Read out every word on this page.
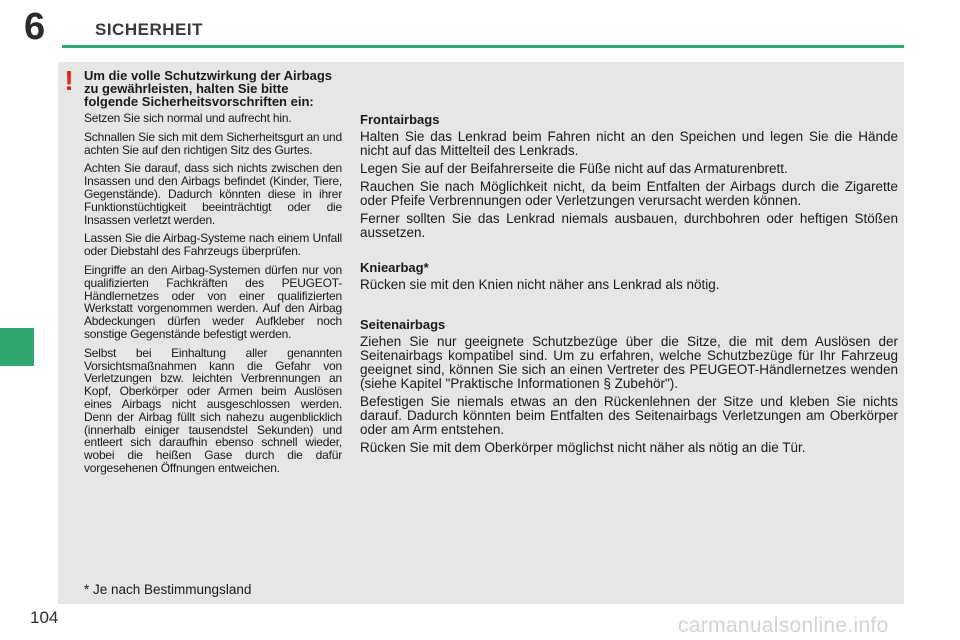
6	SICHERHEIT
! Um die volle Schutzwirkung der Airbags zu gewährleisten, halten Sie bitte folgende Sicherheitsvorschriften ein:

Setzen Sie sich normal und aufrecht hin.

Schnallen Sie sich mit dem Sicherheitsgurt an und achten Sie auf den richtigen Sitz des Gurtes.

Achten Sie darauf, dass sich nichts zwischen den Insassen und den Airbags befindet (Kinder, Tiere, Gegenstände). Dadurch könnten diese in ihrer Funktionstüchtigkeit beeinträchtigt oder die Insassen verletzt werden.

Lassen Sie die Airbag-Systeme nach einem Unfall oder Diebstahl des Fahrzeugs überprüfen.

Eingriffe an den Airbag-Systemen dürfen nur von qualifizierten Fachkräften des PEUGEOT-Händlernetzes oder von einer qualifizierten Werkstatt vorgenommen werden. Auf den Airbag Abdeckungen dürfen weder Aufkleber noch sonstige Gegenstände befestigt werden.

Selbst bei Einhaltung aller genannten Vorsichtsmaßnahmen kann die Gefahr von Verletzungen bzw. leichten Verbrennungen an Kopf, Oberkörper oder Armen beim Auslösen eines Airbags nicht ausgeschlossen werden. Denn der Airbag füllt sich nahezu augenblicklich (innerhalb einiger tausendstel Sekunden) und entleert sich daraufhin ebenso schnell wieder, wobei die heißen Gase durch die dafür vorgesehenen Öffnungen entweichen.

Frontairbags

Halten Sie das Lenkrad beim Fahren nicht an den Speichen und legen Sie die Hände nicht auf das Mittelteil des Lenkrads.

Legen Sie auf der Beifahrerseite die Füße nicht auf das Armaturenbrett.

Rauchen Sie nach Möglichkeit nicht, da beim Entfalten der Airbags durch die Zigarette oder Pfeife Verbrennungen oder Verletzungen verursacht werden können.

Ferner sollten Sie das Lenkrad niemals ausbauen, durchbohren oder heftigen Stößen aussetzen.

Kniearbag*

Rücken sie mit den Knien nicht näher ans Lenkrad als nötig.

Seitenairbags

Ziehen Sie nur geeignete Schutzbezüge über die Sitze, die mit dem Auslösen der Seitenairbags kompatibel sind. Um zu erfahren, welche Schutzbezüge für Ihr Fahrzeug geeignet sind, können Sie sich an einen Vertreter des PEUGEOT-Händlernetzes wenden (siehe Kapitel "Praktische Informationen § Zubehör").

Befestigen Sie niemals etwas an den Rückenlehnen der Sitze und kleben Sie nichts darauf. Dadurch könnten beim Entfalten des Seitenairbags Verletzungen am Oberkörper oder am Arm entstehen.

Rücken Sie mit dem Oberkörper möglichst nicht näher als nötig an die Tür.

* Je nach Bestimmungsland
104	carmanualsonline.info
